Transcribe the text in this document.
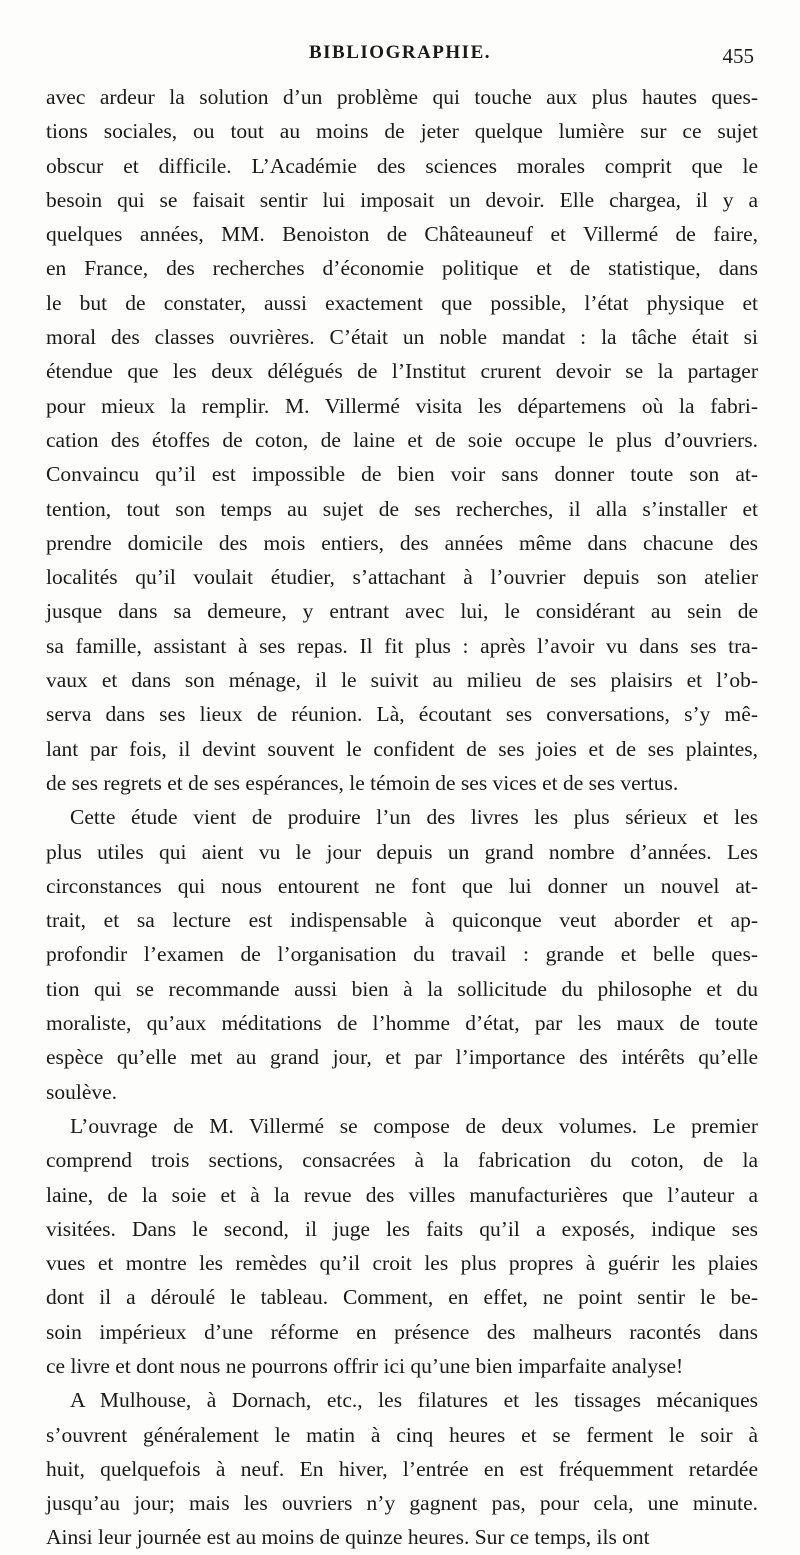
BIBLIOGRAPHIE.	455
avec ardeur la solution d’un problème qui touche aux plus hautes ques-
tions sociales, ou tout au moins de jeter quelque lumière sur ce sujet
obscur et difficile. L’Académie des sciences morales comprit que le
besoin qui se faisait sentir lui imposait un devoir. Elle chargea, il y a
quelques années, MM. Benoiston de Châteauneuf et Villermé de faire,
en France, des recherches d’économie politique et de statistique, dans
le but de constater, aussi exactement que possible, l’état physique et
moral des classes ouvrières. C’était un noble mandat : la tâche était si
étendue que les deux délégués de l’Institut crurent devoir se la partager
pour mieux la remplir. M. Villermé visita les départemens où la fabri-
cation des étoffes de coton, de laine et de soie occupe le plus d’ouvriers.
Convaincu qu’il est impossible de bien voir sans donner toute son at-
tention, tout son temps au sujet de ses recherches, il alla s’installer et
prendre domicile des mois entiers, des années même dans chacune des
localités qu’il voulait étudier, s’attachant à l’ouvrier depuis son atelier
jusque dans sa demeure, y entrant avec lui, le considérant au sein de
sa famille, assistant à ses repas. Il fit plus : après l’avoir vu dans ses tra-
vaux et dans son ménage, il le suivit au milieu de ses plaisirs et l’ob-
serva dans ses lieux de réunion. Là, écoutant ses conversations, s’y mê-
lant par fois, il devint souvent le confident de ses joies et de ses plaintes,
de ses regrets et de ses espérances, le témoin de ses vices et de ses vertus.
Cette étude vient de produire l’un des livres les plus sérieux et les
plus utiles qui aient vu le jour depuis un grand nombre d’années. Les
circonstances qui nous entourent ne font que lui donner un nouvel at-
trait, et sa lecture est indispensable à quiconque veut aborder et ap-
profondir l’examen de l’organisation du travail : grande et belle ques-
tion qui se recommande aussi bien à la sollicitude du philosophe et du
moraliste, qu’aux méditations de l’homme d’état, par les maux de toute
espèce qu’elle met au grand jour, et par l’importance des intérêts qu’elle
soulève.
L’ouvrage de M. Villermé se compose de deux volumes. Le premier
comprend trois sections, consacrées à la fabrication du coton, de la
laine, de la soie et à la revue des villes manufacturières que l’auteur a
visitées. Dans le second, il juge les faits qu’il a exposés, indique ses
vues et montre les remèdes qu’il croit les plus propres à guérir les plaies
dont il a déroulé le tableau. Comment, en effet, ne point sentir le be-
soin impérieux d’une réforme en présence des malheurs racontés dans
ce livre et dont nous ne pourrons offrir ici qu’une bien imparfaite analyse!
A Mulhouse, à Dornach, etc., les filatures et les tissages mécaniques
s’ouvrent généralement le matin à cinq heures et se ferment le soir à
huit, quelquefois à neuf. En hiver, l’entrée en est fréquemment retardée
jusqu’au jour; mais les ouvriers n’y gagnent pas, pour cela, une minute.
Ainsi leur journée est au moins de quinze heures. Sur ce temps, ils ont
